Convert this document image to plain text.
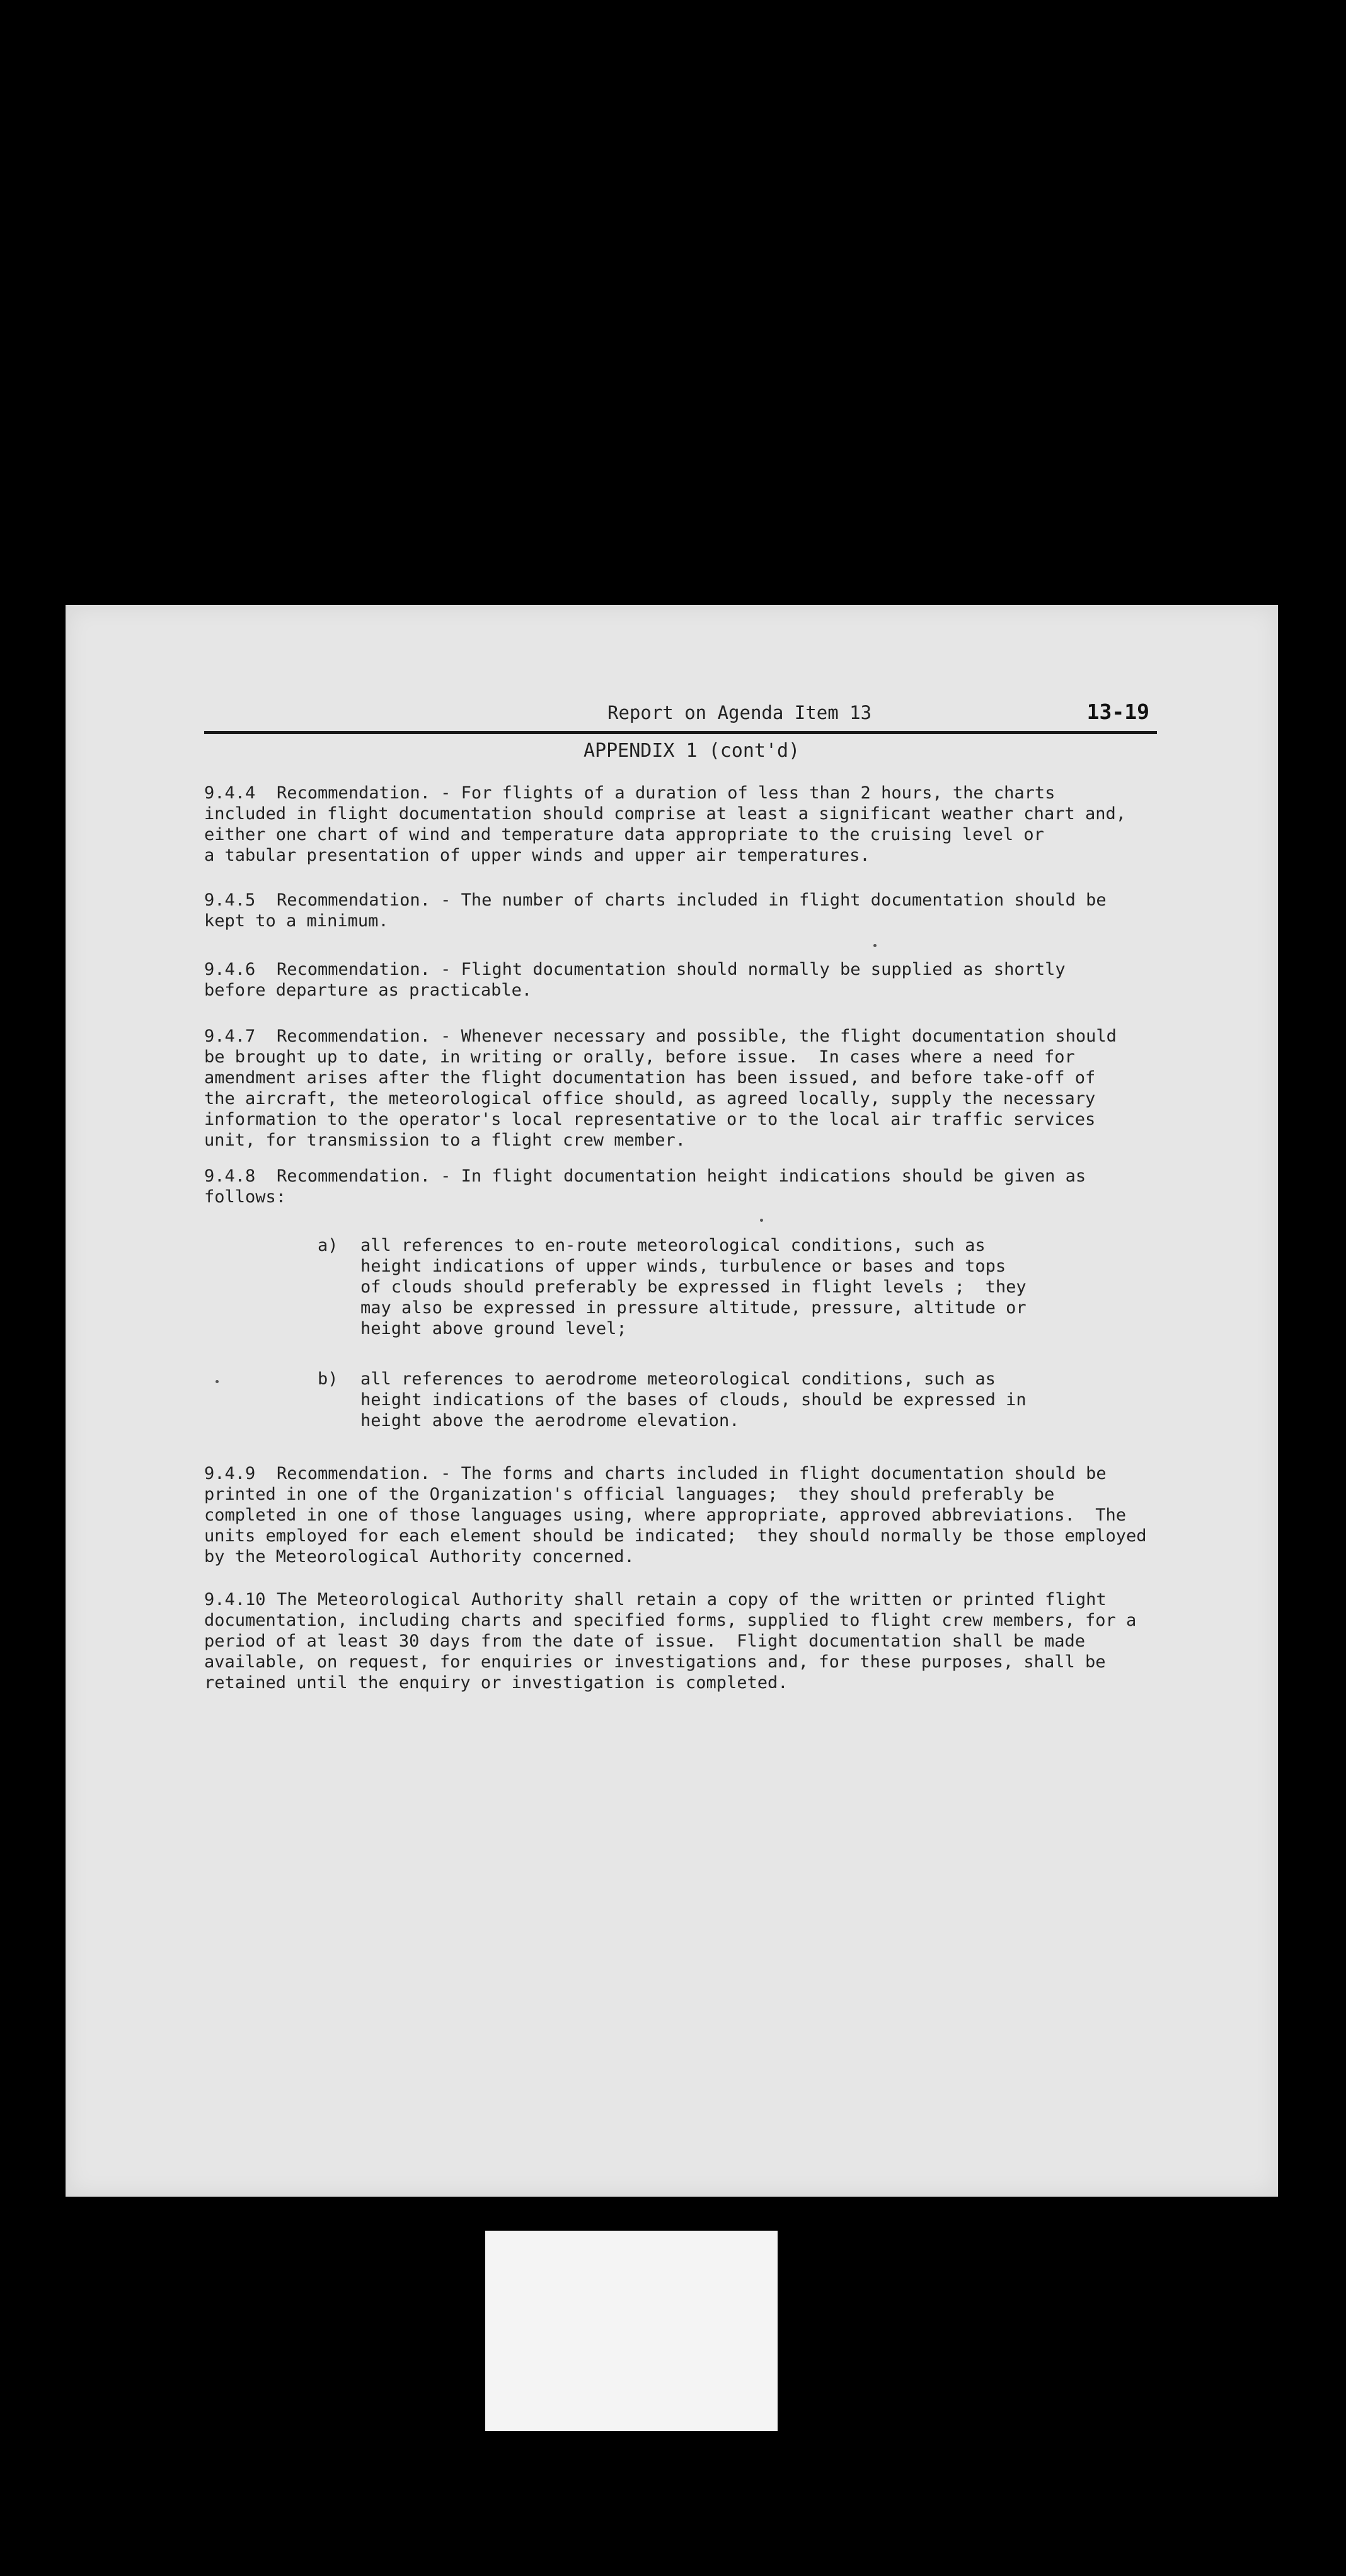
Report on Agenda Item 13	13-19
APPENDIX 1 (cont'd)
9.4.4 Recommendation. - For flights of a duration of less than 2 hours, the charts
included in flight documentation should comprise at least a significant weather chart and,
either one chart of wind and temperature data appropriate to the cruising level or
a tabular presentation of upper winds and upper air temperatures.
9.4.5 Recommendation. - The number of charts included in flight documentation should be
kept to a minimum.
9.4.6 Recommendation. - Flight documentation should normally be supplied as shortly
before departure as practicable.
9.4.7 Recommendation. - Whenever necessary and possible, the flight documentation should
be brought up to date, in writing or orally, before issue.  In cases where a need for
amendment arises after the flight documentation has been issued, and before take-off of
the aircraft, the meteorological office should, as agreed locally, supply the necessary
information to the operator's local representative or to the local air traffic services
unit, for transmission to a flight crew member.
9.4.8 Recommendation. - In flight documentation height indications should be given as
follows:
a)	all references to en-route meteorological conditions, such as
height indications of upper winds, turbulence or bases and tops
of clouds should preferably be expressed in flight levels ;  they
may also be expressed in pressure altitude, pressure, altitude or
height above ground level;
b)	all references to aerodrome meteorological conditions, such as
height indications of the bases of clouds, should be expressed in
height above the aerodrome elevation.
9.4.9 Recommendation. - The forms and charts included in flight documentation should be
printed in one of the Organization's official languages;  they should preferably be
completed in one of those languages using, where appropriate, approved abbreviations.  The
units employed for each element should be indicated;  they should normally be those employed
by the Meteorological Authority concerned.
9.4.10 The Meteorological Authority shall retain a copy of the written or printed flight
documentation, including charts and specified forms, supplied to flight crew members, for a
period of at least 30 days from the date of issue.  Flight documentation shall be made
available, on request, for enquiries or investigations and, for these purposes, shall be
retained until the enquiry or investigation is completed.
